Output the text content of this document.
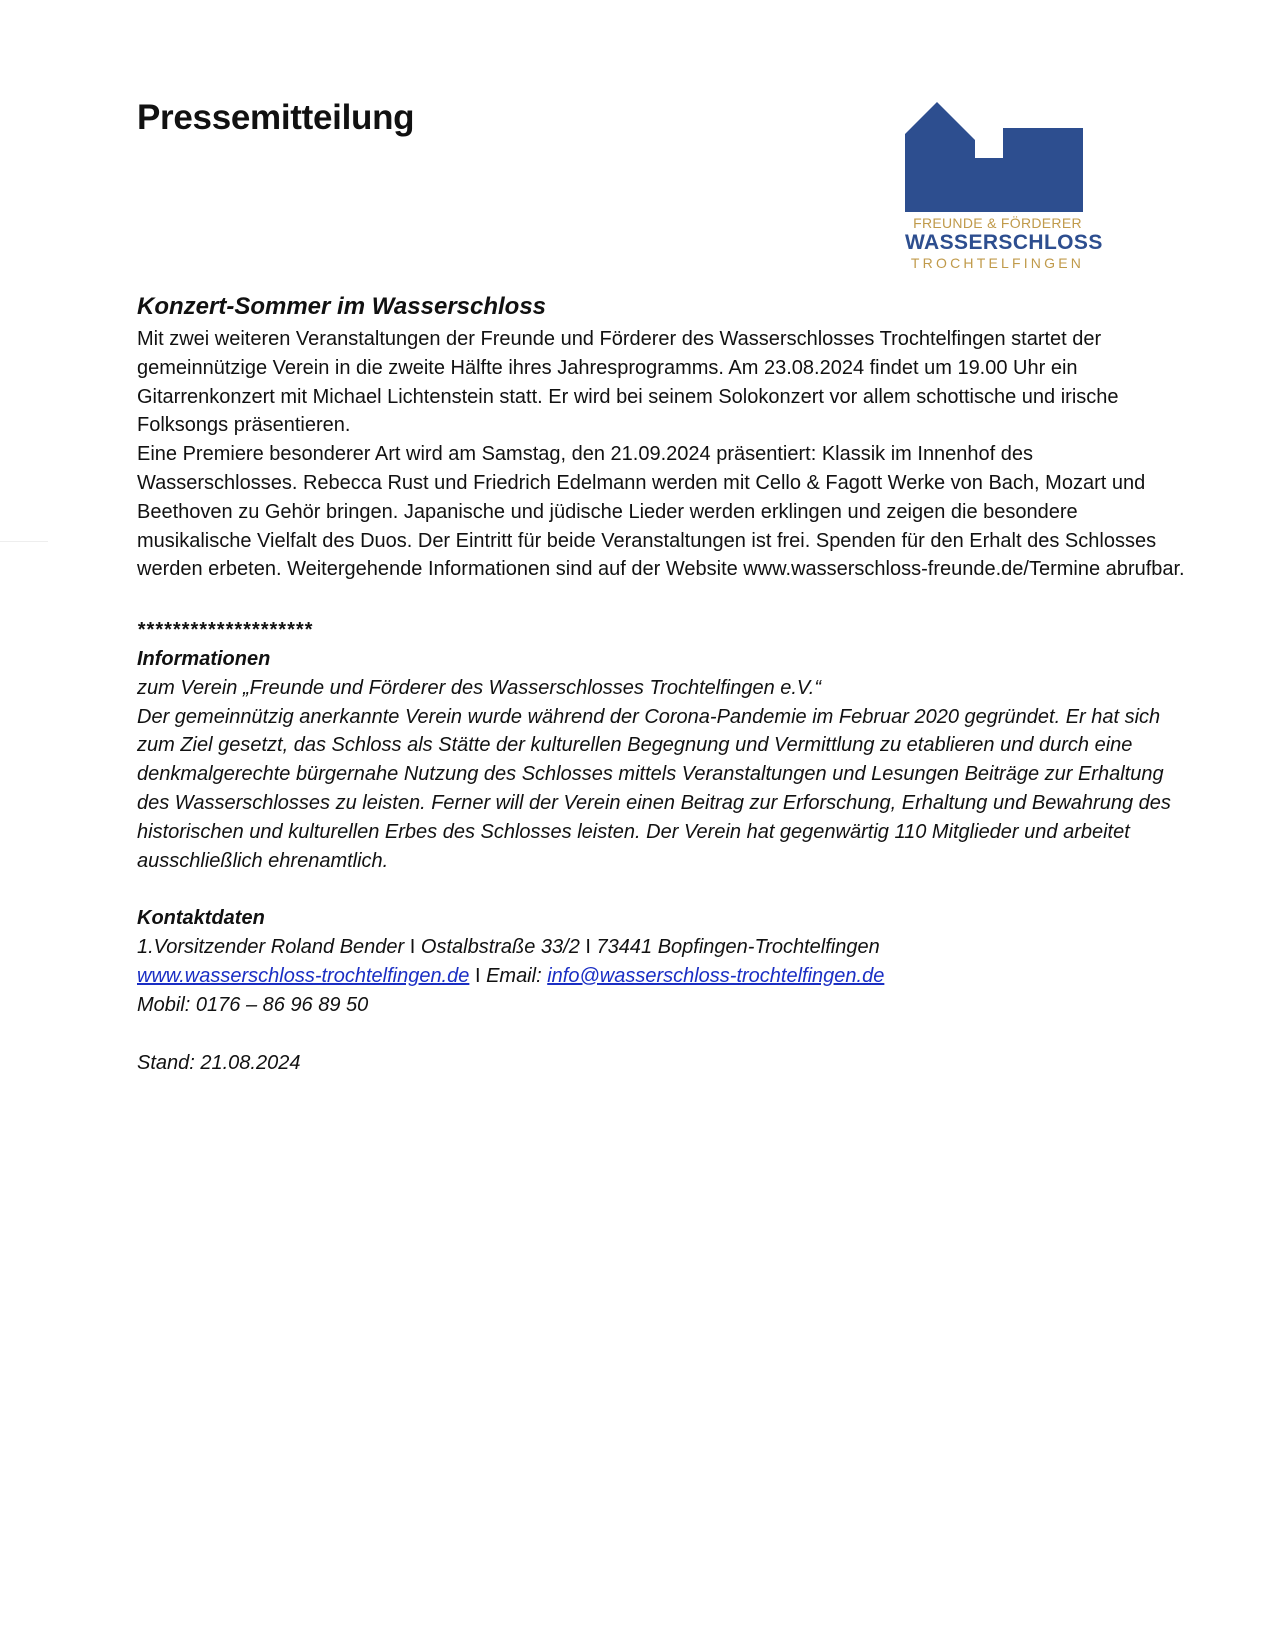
Pressemitteilung
FREUNDE & FÖRDERER
WASSERSCHLOSS
TROCHTELFINGEN
Konzert-Sommer im Wasserschloss

Mit zwei weiteren Veranstaltungen der Freunde und Förderer des Wasserschlosses Trochtelfingen startet der gemeinnützige Verein in die zweite Hälfte ihres Jahresprogramms. Am 23.08.2024 findet um 19.00 Uhr ein Gitarrenkonzert mit Michael Lichtenstein statt. Er wird bei seinem Solokonzert vor allem schottische und irische Folksongs präsentieren.

Eine Premiere besonderer Art wird am Samstag, den 21.09.2024 präsentiert: Klassik im Innenhof des Wasserschlosses. Rebecca Rust und Friedrich Edelmann werden mit Cello & Fagott Werke von Bach, Mozart und Beethoven zu Gehör bringen. Japanische und jüdische Lieder werden erklingen und zeigen die besondere musikalische Vielfalt des Duos. Der Eintritt für beide Veranstaltungen ist frei. Spenden für den Erhalt des Schlosses werden erbeten. Weitergehende Informationen sind auf der Website www.wasserschloss-freunde.de/Termine abrufbar.

********************

Informationen

zum Verein „Freunde und Förderer des Wasserschlosses Trochtelfingen e.V.“

Der gemeinnützig anerkannte Verein wurde während der Corona-Pandemie im Februar 2020 gegründet. Er hat sich zum Ziel gesetzt, das Schloss als Stätte der kulturellen Begegnung und Vermittlung zu etablieren und durch eine denkmalgerechte bürgernahe Nutzung des Schlosses mittels Veranstaltungen und Lesungen Beiträge zur Erhaltung des Wasserschlosses zu leisten. Ferner will der Verein einen Beitrag zur Erforschung, Erhaltung und Bewahrung des historischen und kulturellen Erbes des Schlosses leisten. Der Verein hat gegenwärtig 110 Mitglieder und arbeitet ausschließlich ehrenamtlich.

Kontaktdaten

1.Vorsitzender Roland Bender I Ostalbstraße 33/2 I 73441 Bopfingen-Trochtelfingen

www.wasserschloss-trochtelfingen.de I Email: info@wasserschloss-trochtelfingen.de

Mobil: 0176 – 86 96 89 50

Stand: 21.08.2024
